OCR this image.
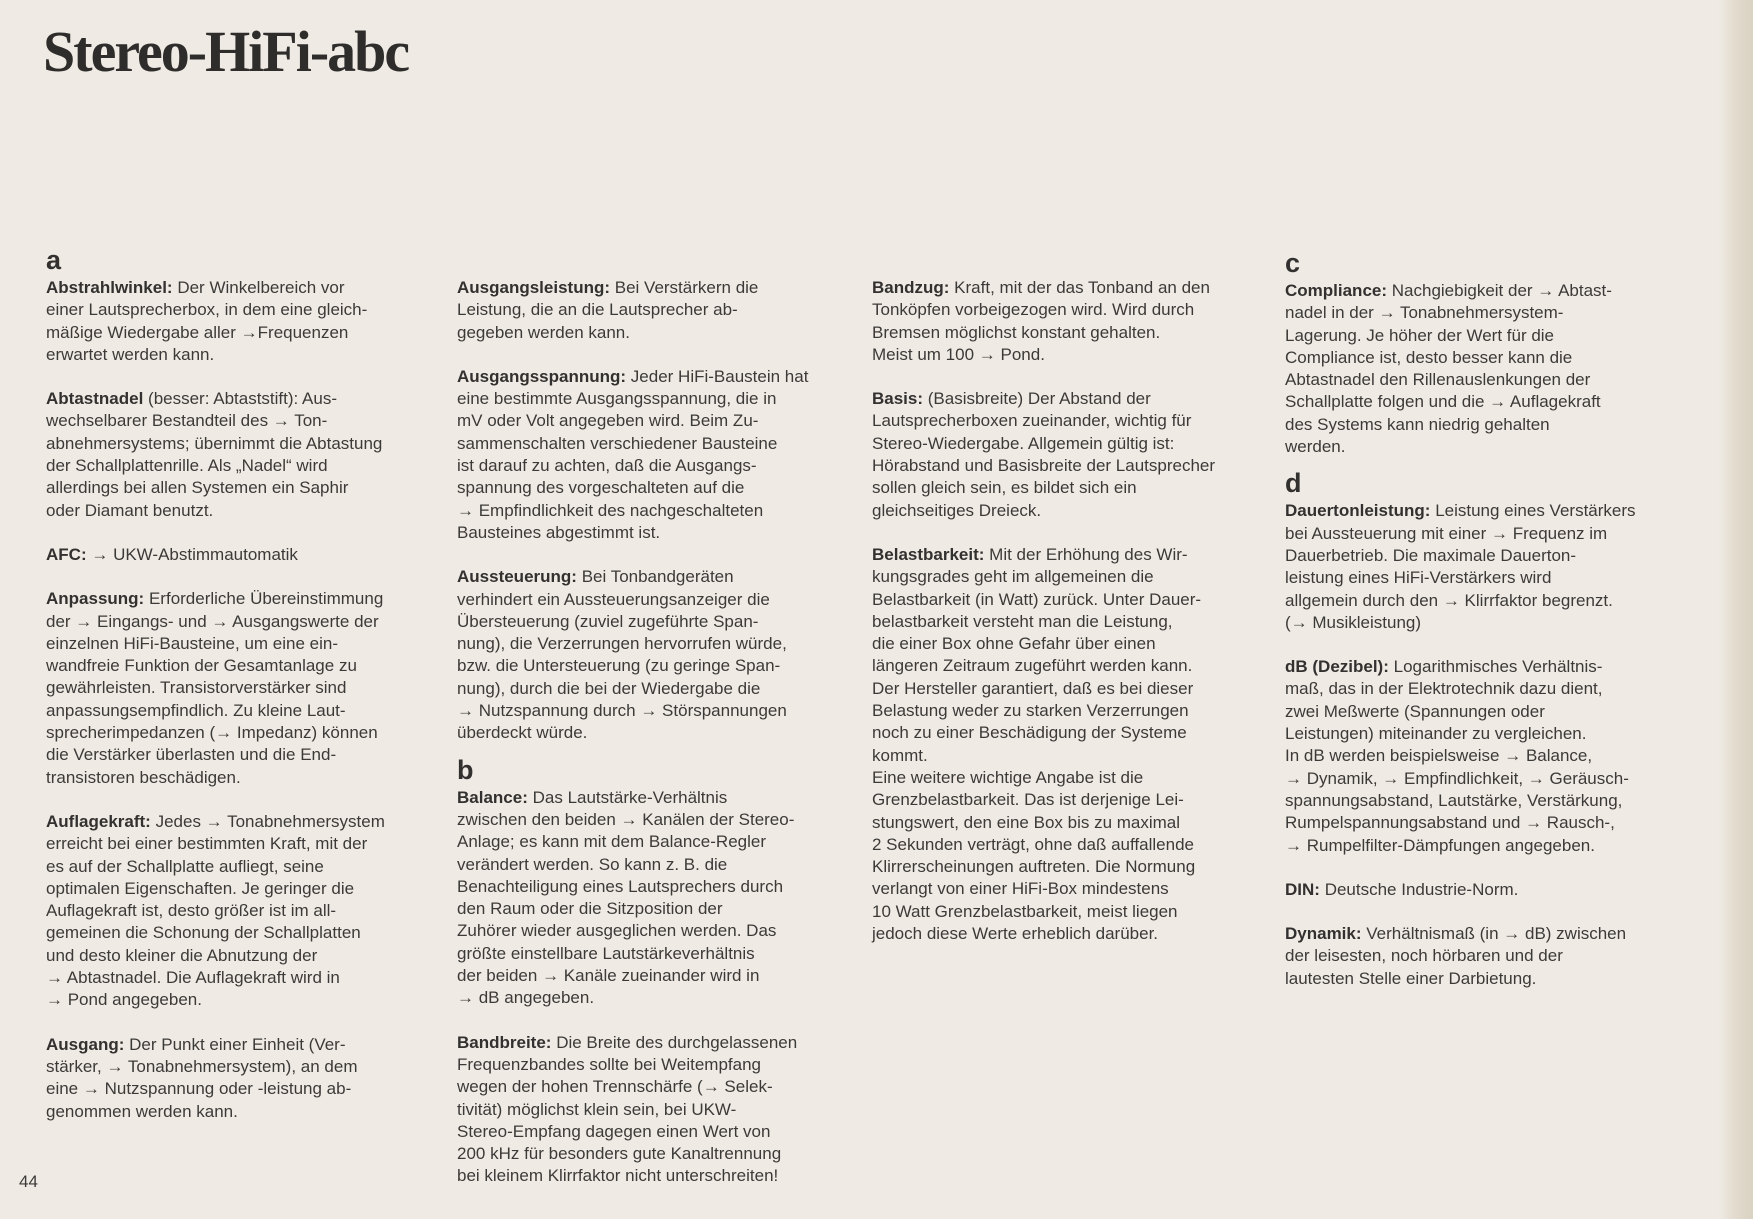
Stereo-HiFi-abc
a

Abstrahlwinkel: Der Winkelbereich vor

einer Lautsprecherbox, in dem eine gleich-

mäßige Wiedergabe aller →Frequenzen

erwartet werden kann.

Abtastnadel (besser: Abtaststift): Aus-

wechselbarer Bestandteil des → Ton-

abnehmersystems; übernimmt die Abtastung

der Schallplattenrille. Als „Nadel“ wird

allerdings bei allen Systemen ein Saphir

oder Diamant benutzt.

AFC: → UKW-Abstimmautomatik

Anpassung: Erforderliche Übereinstimmung

der → Eingangs- und → Ausgangswerte der

einzelnen HiFi-Bausteine, um eine ein-

wandfreie Funktion der Gesamtanlage zu

gewährleisten. Transistorverstärker sind

anpassungsempfindlich. Zu kleine Laut-

sprecherimpedanzen (→ Impedanz) können

die Verstärker überlasten und die End-

transistoren beschädigen.

Auflagekraft: Jedes → Tonabnehmersystem

erreicht bei einer bestimmten Kraft, mit der

es auf der Schallplatte aufliegt, seine

optimalen Eigenschaften. Je geringer die

Auflagekraft ist, desto größer ist im all-

gemeinen die Schonung der Schallplatten

und desto kleiner die Abnutzung der

→ Abtastnadel. Die Auflagekraft wird in

→ Pond angegeben.

Ausgang: Der Punkt einer Einheit (Ver-

stärker, → Tonabnehmersystem), an dem

eine → Nutzspannung oder -leistung ab-

genommen werden kann.

Ausgangsleistung: Bei Verstärkern die

Leistung, die an die Lautsprecher ab-

gegeben werden kann.

Ausgangsspannung: Jeder HiFi-Baustein hat

eine bestimmte Ausgangsspannung, die in

mV oder Volt angegeben wird. Beim Zu-

sammenschalten verschiedener Bausteine

ist darauf zu achten, daß die Ausgangs-

spannung des vorgeschalteten auf die

→ Empfindlichkeit des nachgeschalteten

Bausteines abgestimmt ist.

Aussteuerung: Bei Tonbandgeräten

verhindert ein Aussteuerungsanzeiger die

Übersteuerung (zuviel zugeführte Span-

nung), die Verzerrungen hervorrufen würde,

bzw. die Untersteuerung (zu geringe Span-

nung), durch die bei der Wiedergabe die

→ Nutzspannung durch → Störspannungen

überdeckt würde.

b

Balance: Das Lautstärke-Verhältnis

zwischen den beiden → Kanälen der Stereo-

Anlage; es kann mit dem Balance-Regler

verändert werden. So kann z. B. die

Benachteiligung eines Lautsprechers durch

den Raum oder die Sitzposition der

Zuhörer wieder ausgeglichen werden. Das

größte einstellbare Lautstärkeverhältnis

der beiden → Kanäle zueinander wird in

→ dB angegeben.

Bandbreite: Die Breite des durchgelassenen

Frequenzbandes sollte bei Weitempfang

wegen der hohen Trennschärfe (→ Selek-

tivität) möglichst klein sein, bei UKW-

Stereo-Empfang dagegen einen Wert von

200 kHz für besonders gute Kanaltrennung

bei kleinem Klirrfaktor nicht unterschreiten!

Bandzug: Kraft, mit der das Tonband an den

Tonköpfen vorbeigezogen wird. Wird durch

Bremsen möglichst konstant gehalten.

Meist um 100 → Pond.

Basis: (Basisbreite) Der Abstand der

Lautsprecherboxen zueinander, wichtig für

Stereo-Wiedergabe. Allgemein gültig ist:

Hörabstand und Basisbreite der Lautsprecher

sollen gleich sein, es bildet sich ein

gleichseitiges Dreieck.

Belastbarkeit: Mit der Erhöhung des Wir-

kungsgrades geht im allgemeinen die

Belastbarkeit (in Watt) zurück. Unter Dauer-

belastbarkeit versteht man die Leistung,

die einer Box ohne Gefahr über einen

längeren Zeitraum zugeführt werden kann.

Der Hersteller garantiert, daß es bei dieser

Belastung weder zu starken Verzerrungen

noch zu einer Beschädigung der Systeme

kommt.

Eine weitere wichtige Angabe ist die

Grenzbelastbarkeit. Das ist derjenige Lei-

stungswert, den eine Box bis zu maximal

2 Sekunden verträgt, ohne daß auffallende

Klirrerscheinungen auftreten. Die Normung

verlangt von einer HiFi-Box mindestens

10 Watt Grenzbelastbarkeit, meist liegen

jedoch diese Werte erheblich darüber.

c

Compliance: Nachgiebigkeit der → Abtast-

nadel in der → Tonabnehmersystem-

Lagerung. Je höher der Wert für die

Compliance ist, desto besser kann die

Abtastnadel den Rillenauslenkungen der

Schallplatte folgen und die → Auflagekraft

des Systems kann niedrig gehalten

werden.

d

Dauertonleistung: Leistung eines Verstärkers

bei Aussteuerung mit einer → Frequenz im

Dauerbetrieb. Die maximale Dauerton-

leistung eines HiFi-Verstärkers wird

allgemein durch den → Klirrfaktor begrenzt.

(→ Musikleistung)

dB (Dezibel): Logarithmisches Verhältnis-

maß, das in der Elektrotechnik dazu dient,

zwei Meßwerte (Spannungen oder

Leistungen) miteinander zu vergleichen.

In dB werden beispielsweise → Balance,

→ Dynamik, → Empfindlichkeit, → Geräusch-

spannungsabstand, Lautstärke, Verstärkung,

Rumpelspannungsabstand und → Rausch-,

→ Rumpelfilter-Dämpfungen angegeben.

DIN: Deutsche Industrie-Norm.

Dynamik: Verhältnismaß (in → dB) zwischen

der leisesten, noch hörbaren und der

lautesten Stelle einer Darbietung.

44
